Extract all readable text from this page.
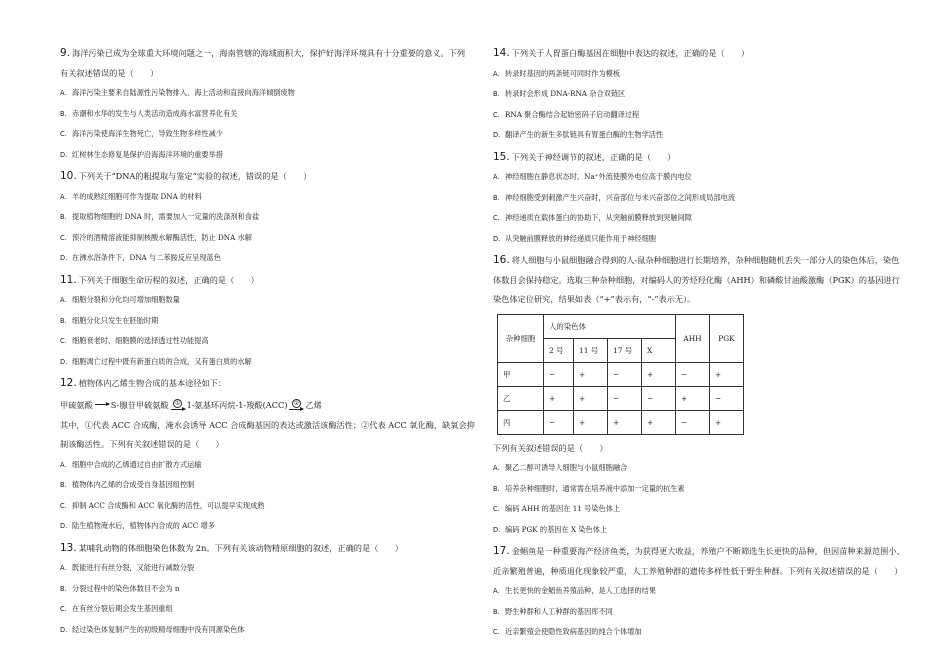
9. 海洋污染已成为全球重大环境问题之一，海南管辖的海域面积大，保护好海洋环境具有十分重要的意义。下列
有关叙述错误的是（　　）
A. 海洋污染主要来自陆源性污染物排入、海上活动和直接向海洋倾倒废物
B. 赤潮和水华的发生与人类活动造成海水富营养化有关
C. 海洋污染使海洋生物死亡，导致生物多样性减少
D. 红树林生态修复是保护沿海海洋环境的重要举措
10. 下列关于“DNA的粗提取与鉴定”实验的叙述，错误的是（　　）
A. 羊的成熟红细胞可作为提取 DNA 的材料
B. 提取植物细胞的 DNA 时，需要加入一定量的洗涤剂和食盐
C. 预冷的酒精溶液能抑制核酸水解酶活性，防止 DNA 水解
D. 在沸水浴条件下，DNA 与二苯胺反应呈现蓝色
11. 下列关于细胞生命历程的叙述，正确的是（　　）
A. 细胞分裂和分化均可增加细胞数量
B. 细胞分化只发生在胚胎时期
C. 细胞衰老时，细胞膜的选择透过性功能提高
D. 细胞凋亡过程中既有新蛋白质的合成，又有蛋白质的水解
12. 植物体内乙烯生物合成的基本途径如下：
甲硫氨酸 S-腺苷甲硫氨酸 ① 1-氨基环丙烷-1-羧酸(ACC) ② 乙烯
其中，①代表 ACC 合成酶，淹水会诱导 ACC 合成酶基因的表达或激活该酶活性；②代表 ACC 氧化酶，缺氧会抑
制该酶活性。下列有关叙述错误的是（　　）
A. 细胞中合成的乙烯通过自由扩散方式运输
B. 植物体内乙烯的合成受自身基因组控制
C. 抑制 ACC 合成酶和 ACC 氧化酶的活性，可以提早实现成熟
D. 陆生植物淹水后，植物体内合成的 ACC 增多
13. 某哺乳动物的体细胞染色体数为 2n。下列有关该动物精原细胞的叙述，正确的是（　　）
A. 既能进行有丝分裂，又能进行减数分裂
B. 分裂过程中的染色体数目不会为 n
C. 在有丝分裂后期会发生基因重组
D. 经过染色体复制产生的初级精母细胞中没有同源染色体
14. 下列关于人胃蛋白酶基因在细胞中表达的叙述，正确的是（　　）
A. 转录时基因的两条链可同时作为模板
B. 转录时会形成 DNA-RNA 杂合双链区
C. RNA 聚合酶结合起始密码子启动翻译过程
D. 翻译产生的新生多肽链具有胃蛋白酶的生物学活性
15. 下列关于神经调节的叙述，正确的是（　　）
A. 神经细胞在静息状态时，Na⁺外流使膜外电位高于膜内电位
B. 神经细胞受到刺激产生兴奋时，兴奋部位与未兴奋部位之间形成局部电流
C. 神经递质在载体蛋白的协助下，从突触前膜释放到突触间隙
D. 从突触前膜释放的神经递质只能作用于神经细胞
16. 将人细胞与小鼠细胞融合得到的人-鼠杂种细胞进行长期培养，杂种细胞随机丢失一部分人的染色体后，染色
体数目会保持稳定。选取三种杂种细胞，对编码人的芳烃羟化酶（AHH）和磷酸甘油酸激酶（PGK）的基因进行
染色体定位研究，结果如表（“+”表示有，“-”表示无）。
杂种细胞	人的染色体				AHH	PGK
	2 号	11 号	17 号	X		
甲	−	+	−	+	−	+
乙	+	+	−	−	+	−
丙	−	+	+	+	−	+
下列有关叙述错误的是（　　）
A. 聚乙二醇可诱导人细胞与小鼠细胞融合
B. 培养杂种细胞时，通常需在培养液中添加一定量的抗生素
C. 编码 AHH 的基因在 11 号染色体上
D. 编码 PGK 的基因在 X 染色体上
17. 金鲳鱼是一种重要海产经济鱼类，为获得更大收益，养殖户不断筛选生长更快的品种，但因苗种来源范围小、
近亲繁殖普遍，种质退化现象较严重，人工养殖种群的遗传多样性低于野生种群。下列有关叙述错误的是（　　）
A. 生长更快的金鲳鱼养殖品种，是人工选择的结果
B. 野生种群和人工种群的基因库不同
C. 近亲繁殖会使隐性致病基因的纯合个体增加
